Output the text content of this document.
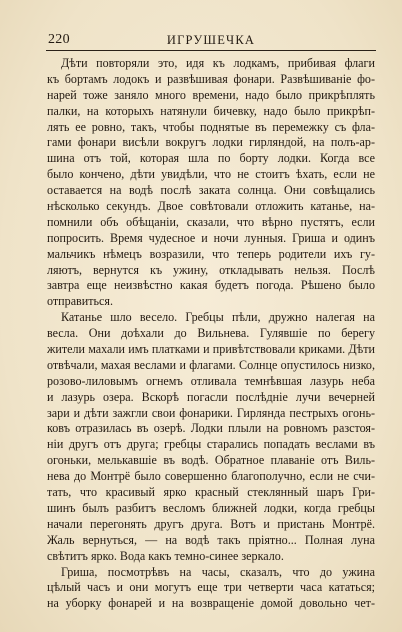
220	ИГРУШЕЧКА
Дѣти повторяли это, идя къ лодкамъ, прибивая флаги
къ бортамъ лодокъ и развѣшивая фонари. Развѣшиваніе фо-
нарей тоже заняло много времени, надо было прикрѣплять
палки, на которыхъ натянули бичевку, надо было прикрѣп-
лять ее ровно, такъ, чтобы поднятые въ перемежку съ фла-
гами фонари висѣли вокругъ лодки гирляндой, на полъ-ар-
шина отъ той, которая шла по борту лодки. Когда все
было кончено, дѣти увидѣли, что не стоитъ ѣхать, если не
оставается на водѣ послѣ заката солнца. Они совѣщались
нѣсколько секундъ. Двое совѣтовали отложить катанье, на-
помнили объ обѣщаніи, сказали, что вѣрно пустятъ, если
попросить. Время чудесное и ночи лунныя. Гриша и одинъ
мальчикъ нѣмецъ возразили, что теперь родители ихъ гу-
ляютъ, вернутся къ ужину, откладывать нельзя. Послѣ
завтра еще неизвѣстно какая будетъ погода. Рѣшено было
отправиться.
Катанье шло весело. Гребцы пѣли, дружно налегая на
весла. Они доѣхали до Вильнева. Гулявшіе по берегу
жители махали имъ платками и привѣтствовали криками. Дѣти
отвѣчали, махая веслами и флагами. Солнце опустилось низко,
розово-лиловымъ огнемъ отливала темнѣвшая лазурь неба
и лазурь озера. Вскорѣ погасли послѣдніе лучи вечерней
зари и дѣти зажгли свои фонарики. Гирлянда пестрыхъ огонь-
ковъ отразилась въ озерѣ. Лодки плыли на ровномъ разстоя-
ніи другъ отъ друга; гребцы старались попадать веслами въ
огоньки, мелькавшіе въ водѣ. Обратное плаваніе отъ Виль-
нева до Монтрё было совершенно благополучно, если не счи-
тать, что красивый ярко красный стеклянный шаръ Гри-
шинъ былъ разбитъ весломъ ближней лодки, когда гребцы
начали перегонять другъ друга. Вотъ и пристань Монтрё.
Жаль вернуться, — на водѣ такъ пріятно... Полная луна
свѣтитъ ярко. Вода какъ темно-синее зеркало.
Гриша, посмотрѣвъ на часы, сказалъ, что до ужина
цѣлый часъ и они могутъ еще три четверти часа кататься;
на уборку фонарей и на возвращеніе домой довольно чет-
